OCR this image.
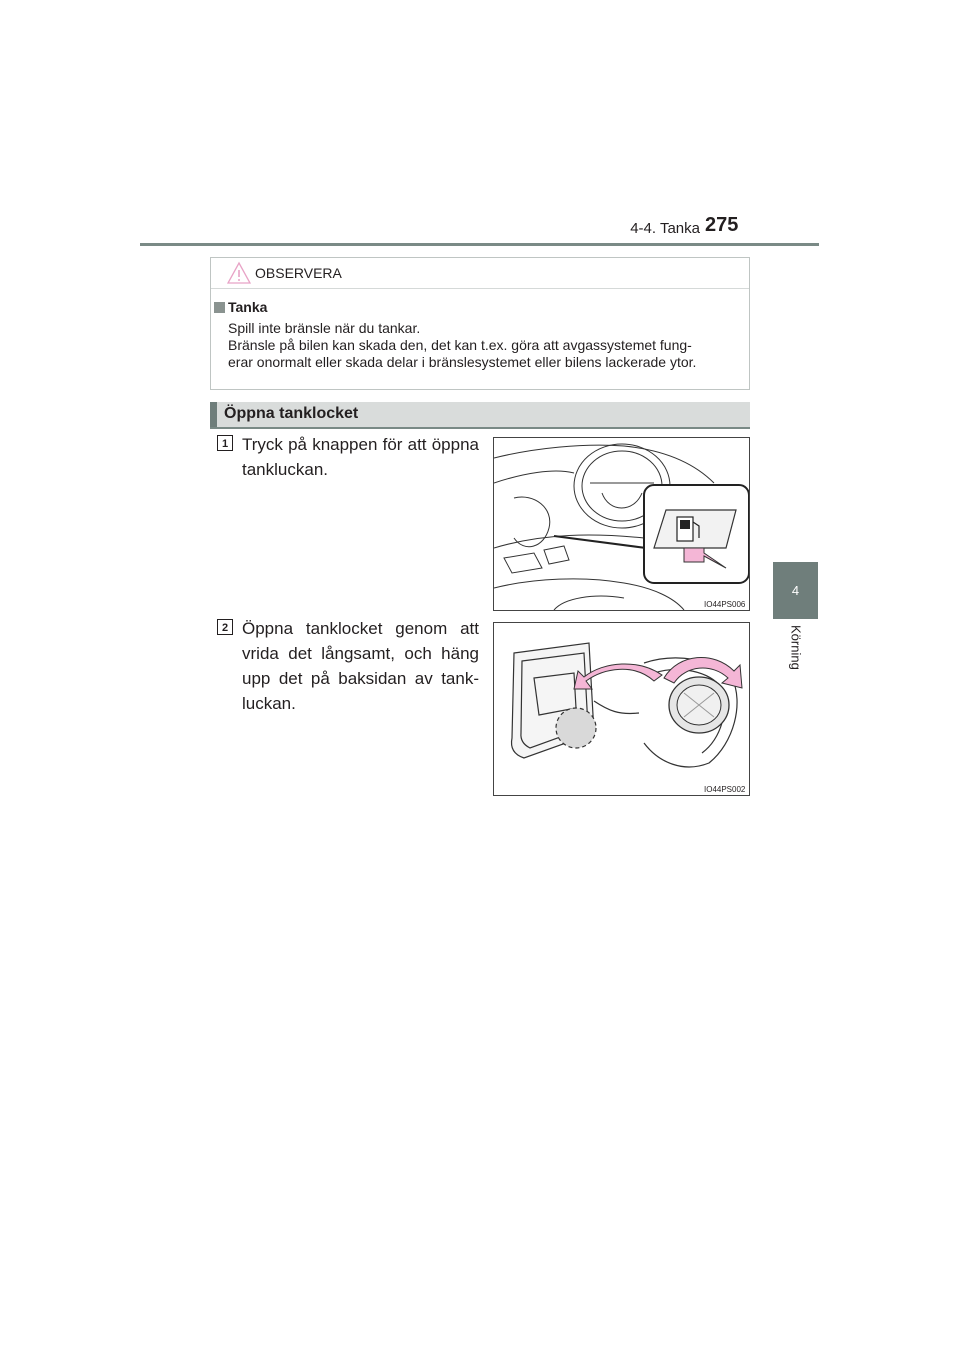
4-4. Tanka 275
4
Körning
OBSERVERA
Tanka
Spill inte bränsle när du tankar.
Bränsle på bilen kan skada den, det kan t.ex. göra att avgassystemet fung-
erar onormalt eller skada delar i bränslesystemet eller bilens lackerade ytor.
Öppna tanklocket
1 Tryck på knappen för att öppna
tankluckan.
IO44PS006
2 Öppna tanklocket genom att
vrida det långsamt, och häng
upp det på baksidan av tank-
luckan.
IO44PS002
